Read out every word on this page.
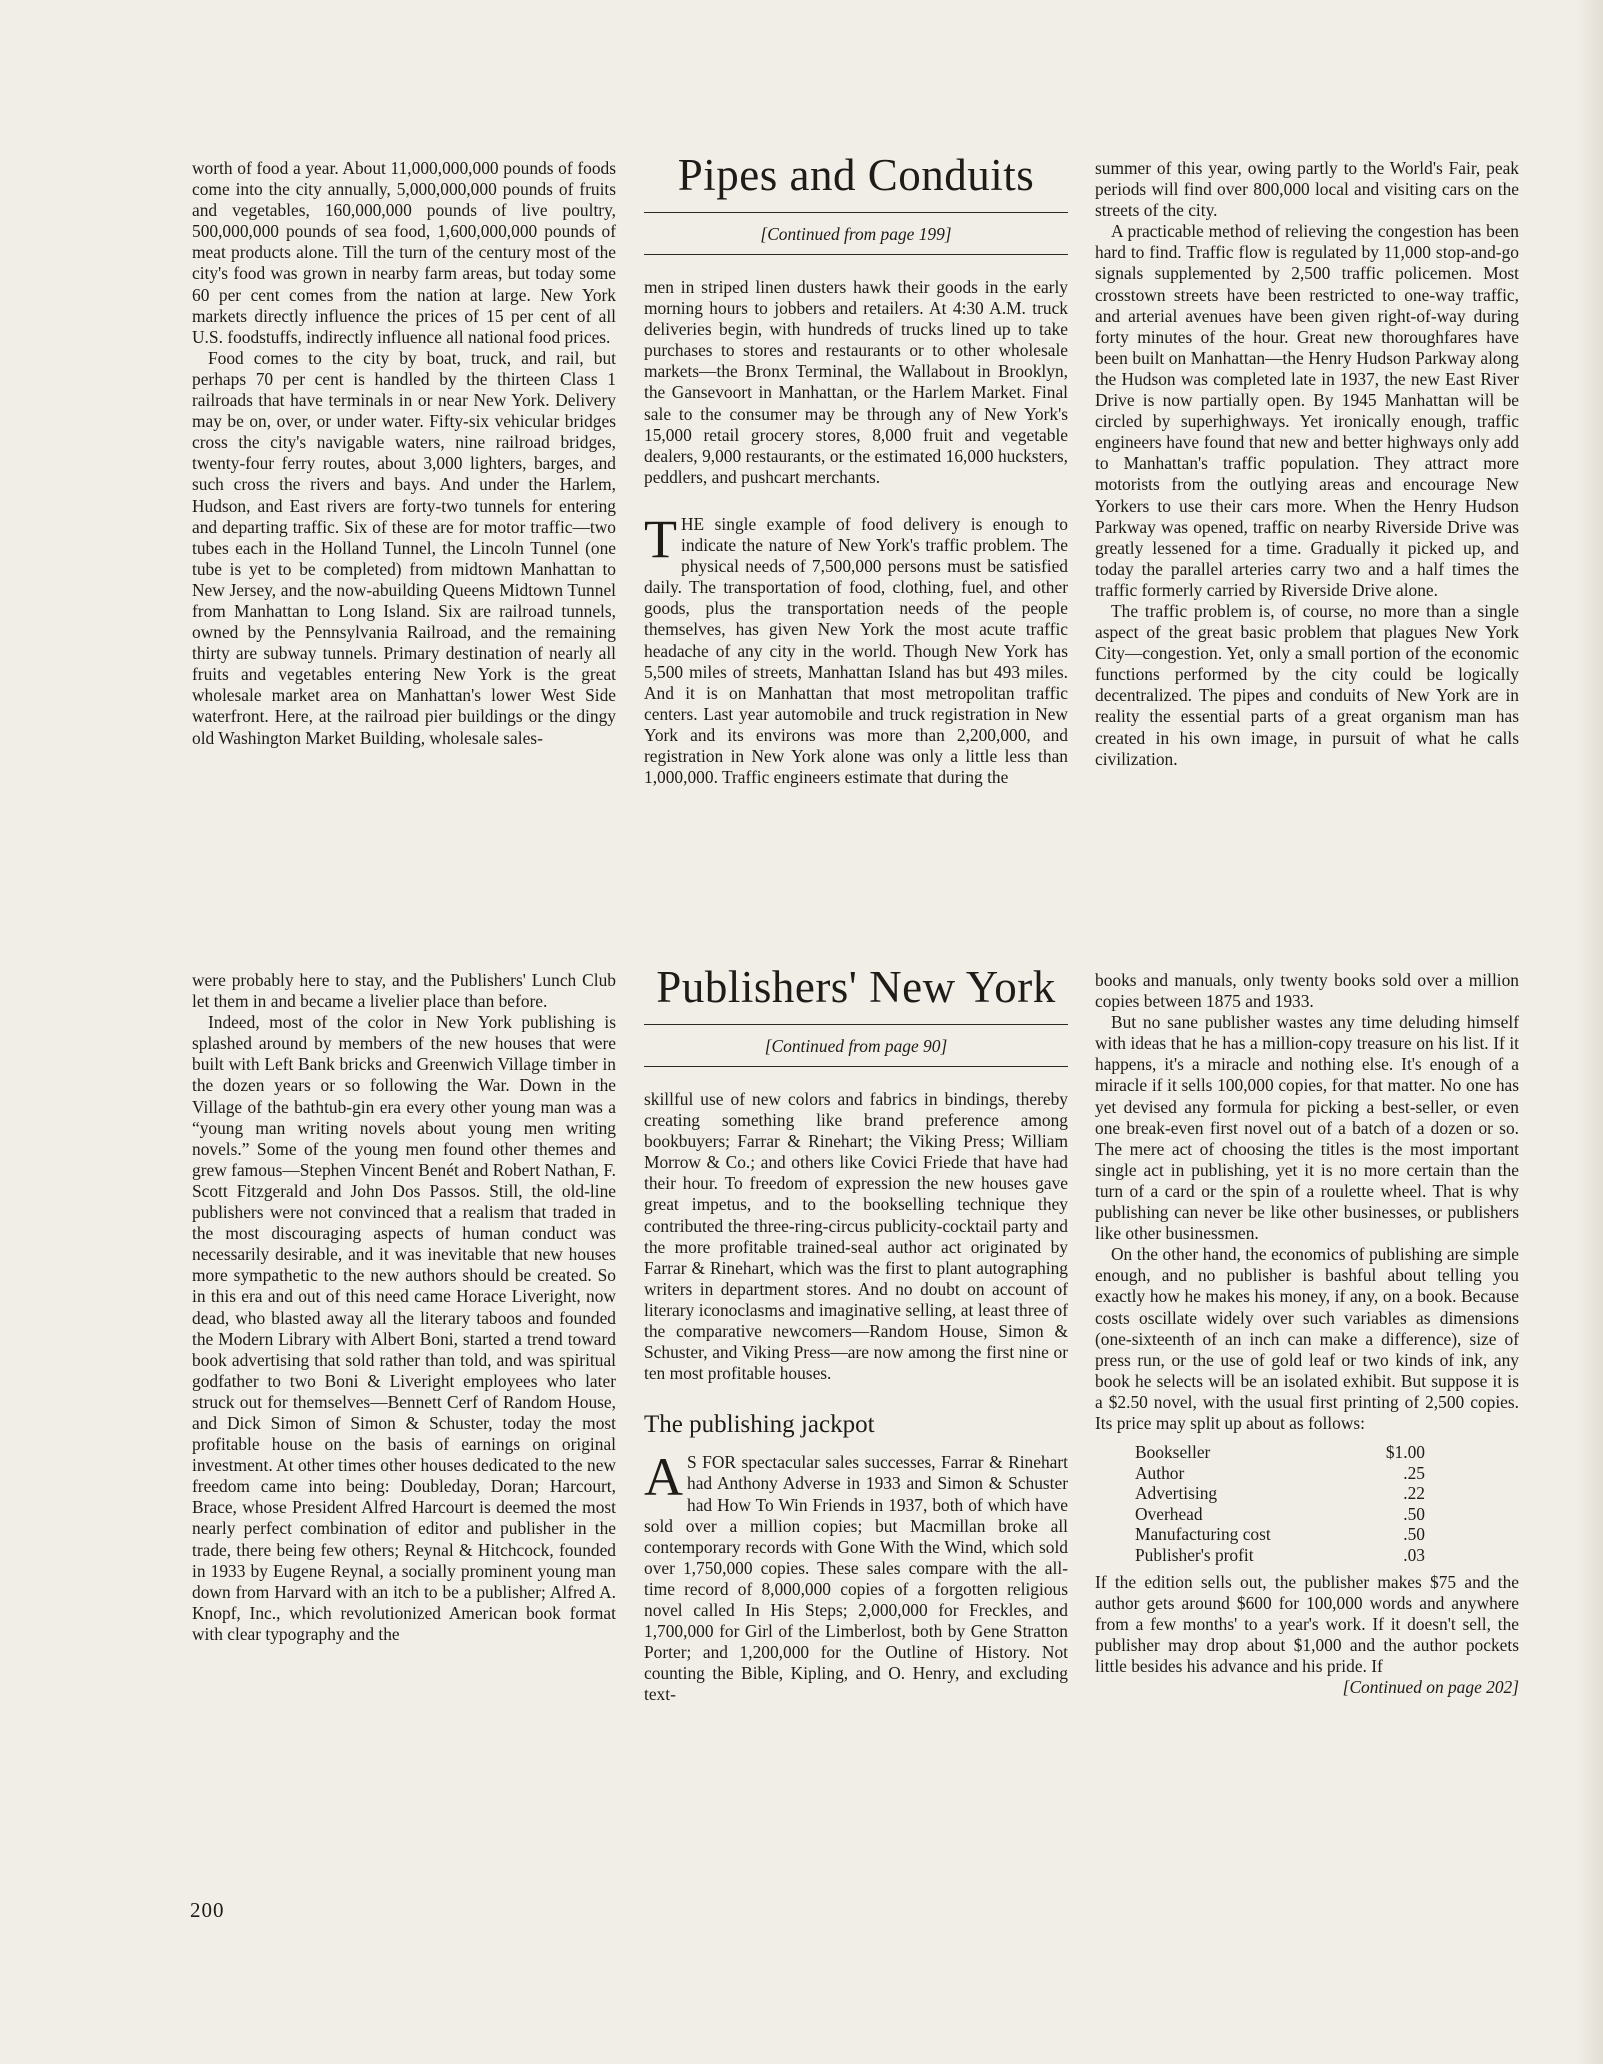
worth of food a year. About 11,000,000,000 pounds of foods come into the city annually, 5,000,000,000 pounds of fruits and vegetables, 160,000,000 pounds of live poultry, 500,000,000 pounds of sea food, 1,600,000,000 pounds of meat products alone. Till the turn of the century most of the city's food was grown in nearby farm areas, but today some 60 per cent comes from the nation at large. New York markets directly influence the prices of 15 per cent of all U.S. foodstuffs, indirectly influence all national food prices.

Food comes to the city by boat, truck, and rail, but perhaps 70 per cent is handled by the thirteen Class 1 railroads that have terminals in or near New York. Delivery may be on, over, or under water. Fifty-six vehicular bridges cross the city's navigable waters, nine railroad bridges, twenty-four ferry routes, about 3,000 lighters, barges, and such cross the rivers and bays. And under the Harlem, Hudson, and East rivers are forty-two tunnels for entering and departing traffic. Six of these are for motor traffic—two tubes each in the Holland Tunnel, the Lincoln Tunnel (one tube is yet to be completed) from midtown Manhattan to New Jersey, and the now-abuilding Queens Midtown Tunnel from Manhattan to Long Island. Six are railroad tunnels, owned by the Pennsylvania Railroad, and the remaining thirty are subway tunnels. Primary destination of nearly all fruits and vegetables entering New York is the great wholesale market area on Manhattan's lower West Side waterfront. Here, at the railroad pier buildings or the dingy old Washington Market Building, wholesale sales-

Pipes and Conduits
[Continued from page 199]

men in striped linen dusters hawk their goods in the early morning hours to jobbers and retailers. At 4:30 A.M. truck deliveries begin, with hundreds of trucks lined up to take purchases to stores and restaurants or to other wholesale markets—the Bronx Terminal, the Wallabout in Brooklyn, the Gansevoort in Manhattan, or the Harlem Market. Final sale to the consumer may be through any of New York's 15,000 retail grocery stores, 8,000 fruit and vegetable dealers, 9,000 restaurants, or the estimated 16,000 hucksters, peddlers, and pushcart merchants.

THE single example of food delivery is enough to indicate the nature of New York's traffic problem. The physical needs of 7,500,000 persons must be satisfied daily. The transportation of food, clothing, fuel, and other goods, plus the transportation needs of the people themselves, has given New York the most acute traffic headache of any city in the world. Though New York has 5,500 miles of streets, Manhattan Island has but 493 miles. And it is on Manhattan that most metropolitan traffic centers. Last year automobile and truck registration in New York and its environs was more than 2,200,000, and registration in New York alone was only a little less than 1,000,000. Traffic engineers estimate that during the

summer of this year, owing partly to the World's Fair, peak periods will find over 800,000 local and visiting cars on the streets of the city.

A practicable method of relieving the congestion has been hard to find. Traffic flow is regulated by 11,000 stop-and-go signals supplemented by 2,500 traffic policemen. Most crosstown streets have been restricted to one-way traffic, and arterial avenues have been given right-of-way during forty minutes of the hour. Great new thoroughfares have been built on Manhattan—the Henry Hudson Parkway along the Hudson was completed late in 1937, the new East River Drive is now partially open. By 1945 Manhattan will be circled by superhighways. Yet ironically enough, traffic engineers have found that new and better highways only add to Manhattan's traffic population. They attract more motorists from the outlying areas and encourage New Yorkers to use their cars more. When the Henry Hudson Parkway was opened, traffic on nearby Riverside Drive was greatly lessened for a time. Gradually it picked up, and today the parallel arteries carry two and a half times the traffic formerly carried by Riverside Drive alone.

The traffic problem is, of course, no more than a single aspect of the great basic problem that plagues New York City—congestion. Yet, only a small portion of the economic functions performed by the city could be logically decentralized. The pipes and conduits of New York are in reality the essential parts of a great organism man has created in his own image, in pursuit of what he calls civilization.

were probably here to stay, and the Publishers' Lunch Club let them in and became a livelier place than before.

Indeed, most of the color in New York publishing is splashed around by members of the new houses that were built with Left Bank bricks and Greenwich Village timber in the dozen years or so following the War. Down in the Village of the bathtub-gin era every other young man was a “young man writing novels about young men writing novels.” Some of the young men found other themes and grew famous—Stephen Vincent Benét and Robert Nathan, F. Scott Fitzgerald and John Dos Passos. Still, the old-line publishers were not convinced that a realism that traded in the most discouraging aspects of human conduct was necessarily desirable, and it was inevitable that new houses more sympathetic to the new authors should be created. So in this era and out of this need came Horace Liveright, now dead, who blasted away all the literary taboos and founded the Modern Library with Albert Boni, started a trend toward book advertising that sold rather than told, and was spiritual godfather to two Boni & Liveright employees who later struck out for themselves—Bennett Cerf of Random House, and Dick Simon of Simon & Schuster, today the most profitable house on the basis of earnings on original investment. At other times other houses dedicated to the new freedom came into being: Doubleday, Doran; Harcourt, Brace, whose President Alfred Harcourt is deemed the most nearly perfect combination of editor and publisher in the trade, there being few others; Reynal & Hitchcock, founded in 1933 by Eugene Reynal, a socially prominent young man down from Harvard with an itch to be a publisher; Alfred A. Knopf, Inc., which revolutionized American book format with clear typography and the

Publishers' New York
[Continued from page 90]

skillful use of new colors and fabrics in bindings, thereby creating something like brand preference among bookbuyers; Farrar & Rinehart; the Viking Press; William Morrow & Co.; and others like Covici Friede that have had their hour. To freedom of expression the new houses gave great impetus, and to the bookselling technique they contributed the three-ring-circus publicity-cocktail party and the more profitable trained-seal author act originated by Farrar & Rinehart, which was the first to plant autographing writers in department stores. And no doubt on account of literary iconoclasms and imaginative selling, at least three of the comparative newcomers—Random House, Simon & Schuster, and Viking Press—are now among the first nine or ten most profitable houses.

The publishing jackpot

A S FOR spectacular sales successes, Farrar & Rinehart had Anthony Adverse in 1933 and Simon & Schuster had How To Win Friends in 1937, both of which have sold over a million copies; but Macmillan broke all contemporary records with Gone With the Wind, which sold over 1,750,000 copies. These sales compare with the all-time record of 8,000,000 copies of a forgotten religious novel called In His Steps; 2,000,000 for Freckles, and 1,700,000 for Girl of the Limberlost, both by Gene Stratton Porter; and 1,200,000 for the Outline of History. Not counting the Bible, Kipling, and O. Henry, and excluding text-

books and manuals, only twenty books sold over a million copies between 1875 and 1933.

But no sane publisher wastes any time deluding himself with ideas that he has a million-copy treasure on his list. If it happens, it's a miracle and nothing else. It's enough of a miracle if it sells 100,000 copies, for that matter. No one has yet devised any formula for picking a best-seller, or even one break-even first novel out of a batch of a dozen or so. The mere act of choosing the titles is the most important single act in publishing, yet it is no more certain than the turn of a card or the spin of a roulette wheel. That is why publishing can never be like other businesses, or publishers like other businessmen.

On the other hand, the economics of publishing are simple enough, and no publisher is bashful about telling you exactly how he makes his money, if any, on a book. Because costs oscillate widely over such variables as dimensions (one-sixteenth of an inch can make a difference), size of press run, or the use of gold leaf or two kinds of ink, any book he selects will be an isolated exhibit. But suppose it is a $2.50 novel, with the usual first printing of 2,500 copies. Its price may split up about as follows:

Bookseller		$1.00
Author		.25
Advertising		.22
Overhead		.50
Manufacturing cost		.50
Publisher's profit		.03

If the edition sells out, the publisher makes $75 and the author gets around $600 for 100,000 words and anywhere from a few months' to a year's work. If it doesn't sell, the publisher may drop about $1,000 and the author pockets little besides his advance and his pride. If

[Continued on page 202]
200
